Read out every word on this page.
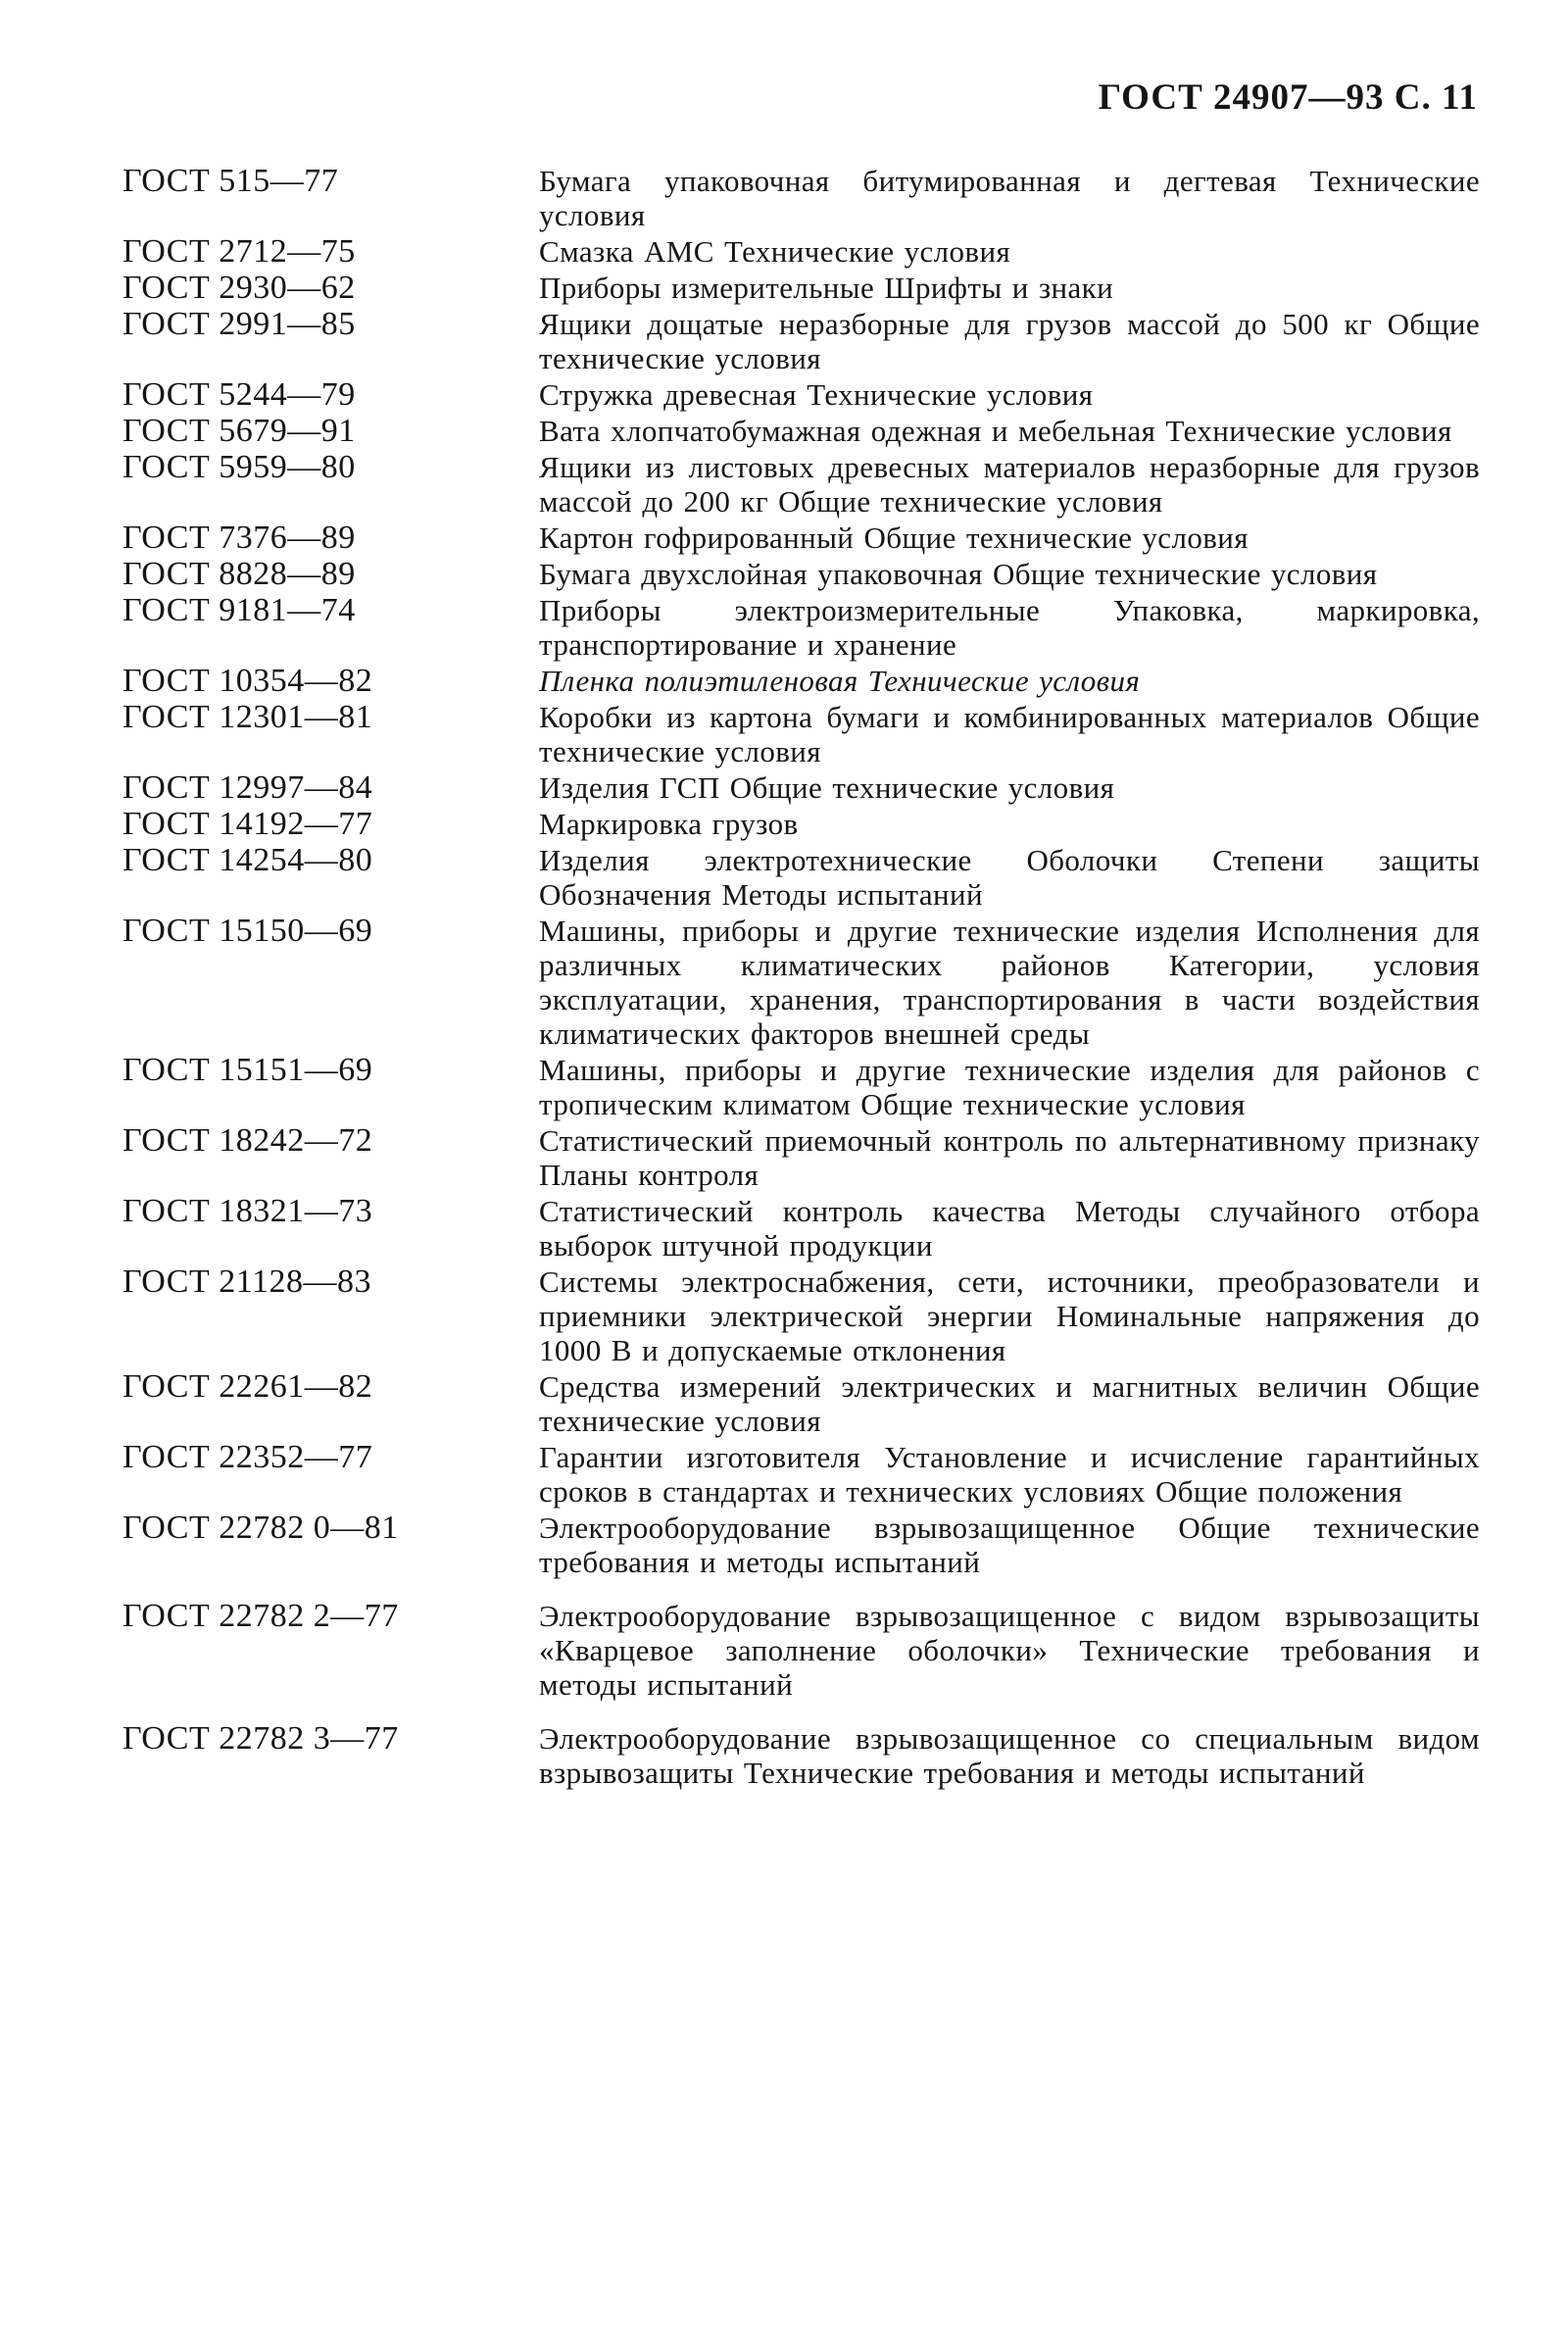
ГОСТ 24907—93 С. 11
ГОСТ 515—77	Бумага упаковочная битумированная и дегтевая Технические условия
ГОСТ 2712—75	Смазка АМС Технические условия
ГОСТ 2930—62	Приборы измерительные Шрифты и знаки
ГОСТ 2991—85	Ящики дощатые неразборные для грузов массой до 500 кг Общие технические условия
ГОСТ 5244—79	Стружка древесная Технические условия
ГОСТ 5679—91	Вата хлопчатобумажная одежная и мебельная Технические условия
ГОСТ 5959—80	Ящики из листовых древесных материалов неразборные для грузов массой до 200 кг Общие технические условия
ГОСТ 7376—89	Картон гофрированный Общие технические условия
ГОСТ 8828—89	Бумага двухслойная упаковочная Общие технические условия
ГОСТ 9181—74	Приборы электроизмерительные Упаковка, маркировка, транспортирование и хранение
ГОСТ 10354—82	Пленка полиэтиленовая Технические условия
ГОСТ 12301—81	Коробки из картона бумаги и комбинированных материалов Общие технические условия
ГОСТ 12997—84	Изделия ГСП Общие технические условия
ГОСТ 14192—77	Маркировка грузов
ГОСТ 14254—80	Изделия электротехнические Оболочки Степени защиты Обозначения Методы испытаний
ГОСТ 15150—69	Машины, приборы и другие технические изделия Исполнения для различных климатических районов Категории, условия эксплуатации, хранения, транспортирования в части воздействия климатических факторов внешней среды
ГОСТ 15151—69	Машины, приборы и другие технические изделия для районов с тропическим климатом Общие технические условия
ГОСТ 18242—72	Статистический приемочный контроль по альтернативному признаку Планы контроля
ГОСТ 18321—73	Статистический контроль качества Методы случайного отбора выборок штучной продукции
ГОСТ 21128—83	Системы электроснабжения, сети, источники, преобразователи и приемники электрической энергии Номинальные напряжения до 1000 В и допускаемые отклонения
ГОСТ 22261—82	Средства измерений электрических и магнитных величин Общие технические условия
ГОСТ 22352—77	Гарантии изготовителя Установление и исчисление гарантийных сроков в стандартах и технических условиях Общие положения
ГОСТ 22782 0—81	Электрооборудование взрывозащищенное Общие технические требования и методы испытаний
ГОСТ 22782 2—77	Электрооборудование взрывозащищенное с видом взрывозащиты «Кварцевое заполнение оболочки» Технические требования и методы испытаний
ГОСТ 22782 3—77	Электрооборудование взрывозащищенное со специальным видом взрывозащиты Технические требования и методы испытаний
